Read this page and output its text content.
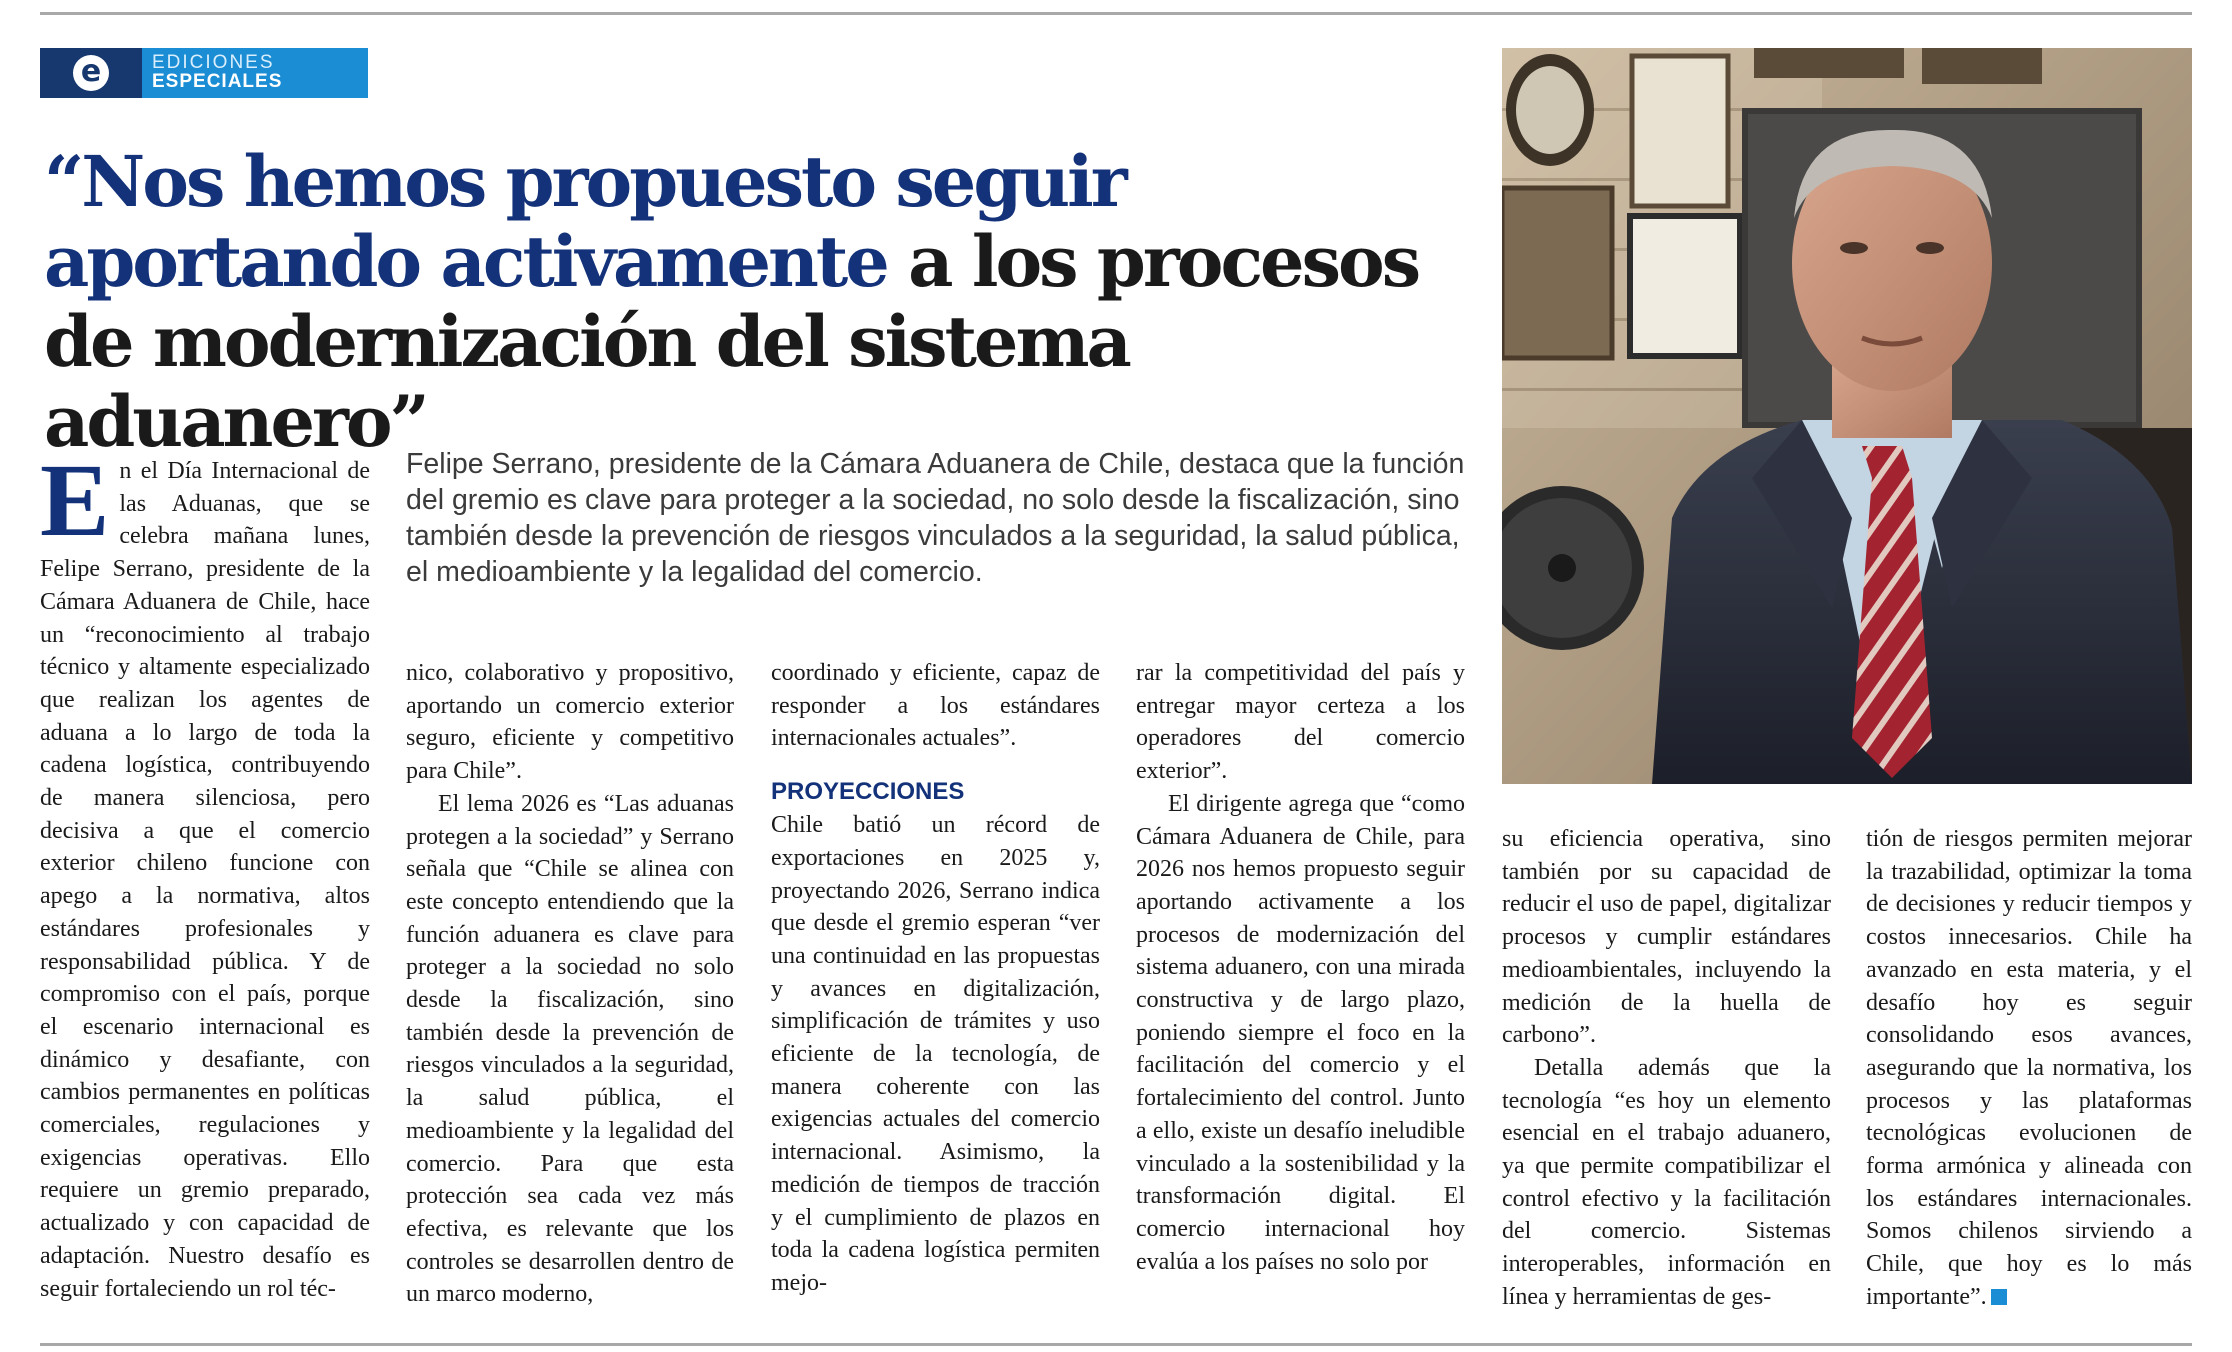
e	EDICIONES
ESPECIALES
“Nos hemos propuesto seguir aportando activamente a los procesos de modernización del sistema aduanero”
Felipe Serrano, presidente de la Cámara Aduanera de Chile, destaca que la función del gremio es clave para proteger a la sociedad, no solo desde la fiscalización, sino también desde la prevención de riesgos vinculados a la seguridad, la salud pública, el medioambiente y la legalidad del comercio.
E n el Día Internacional de las Aduanas, que se celebra mañana lunes, Felipe Serrano, presidente de la Cámara Aduanera de Chile, hace un “reconocimiento al trabajo técnico y altamente especializado que realizan los agentes de aduana a lo largo de toda la cadena logística, contribuyendo de manera silenciosa, pero decisiva a que el comercio exterior chileno funcione con apego a la normativa, altos estándares profesionales y responsabilidad pública. Y de compromiso con el país, porque el escenario internacional es dinámico y desafiante, con cambios permanentes en políticas comerciales, regulaciones y exigencias operativas. Ello requiere un gremio preparado, actualizado y con capacidad de adaptación. Nuestro desafío es seguir fortaleciendo un rol téc-

nico, colaborativo y propositivo, aportando un comercio exterior seguro, eficiente y competitivo para Chile”.

El lema 2026 es “Las aduanas protegen a la sociedad” y Serrano señala que “Chile se alinea con este concepto entendiendo que la función aduanera es clave para proteger a la sociedad no solo desde la fiscalización, sino también desde la prevención de riesgos vinculados a la seguridad, la salud pública, el medioambiente y la legalidad del comercio. Para que esta protección sea cada vez más efectiva, es relevante que los controles se desarrollen dentro de un marco moderno,

coordinado y eficiente, capaz de responder a los estándares internacionales actuales”.

PROYECCIONES

Chile batió un récord de exportaciones en 2025 y, proyectando 2026, Serrano indica que desde el gremio esperan “ver una continuidad en las propuestas y avances en digitalización, simplificación de trámites y uso eficiente de la tecnología, de manera coherente con las exigencias actuales del comercio internacional. Asimismo, la medición de tiempos de tracción y el cumplimiento de plazos en toda la cadena logística permiten mejo-

rar la competitividad del país y entregar mayor certeza a los operadores del comercio exterior”.

El dirigente agrega que “como Cámara Aduanera de Chile, para 2026 nos hemos propuesto seguir aportando activamente a los procesos de modernización del sistema aduanero, con una mirada constructiva y de largo plazo, poniendo siempre el foco en la facilitación del comercio y el fortalecimiento del control. Junto a ello, existe un desafío ineludible vinculado a la sostenibilidad y la transformación digital. El comercio internacional hoy evalúa a los países no solo por

su eficiencia operativa, sino también por su capacidad de reducir el uso de papel, digitalizar procesos y cumplir estándares medioambientales, incluyendo la medición de la huella de carbono”.

Detalla además que la tecnología “es hoy un elemento esencial en el trabajo aduanero, ya que permite compatibilizar el control efectivo y la facilitación del comercio. Sistemas interoperables, información en línea y herramientas de ges-

tión de riesgos permiten mejorar la trazabilidad, optimizar la toma de decisiones y reducir tiempos y costos innecesarios. Chile ha avanzado en esta materia, y el desafío hoy es seguir consolidando esos avances, asegurando que la normativa, los procesos y las plataformas tecnológicas evolucionen de forma armónica y alineada con los estándares internacionales. Somos chilenos sirviendo a Chile, que hoy es lo más importante”.
